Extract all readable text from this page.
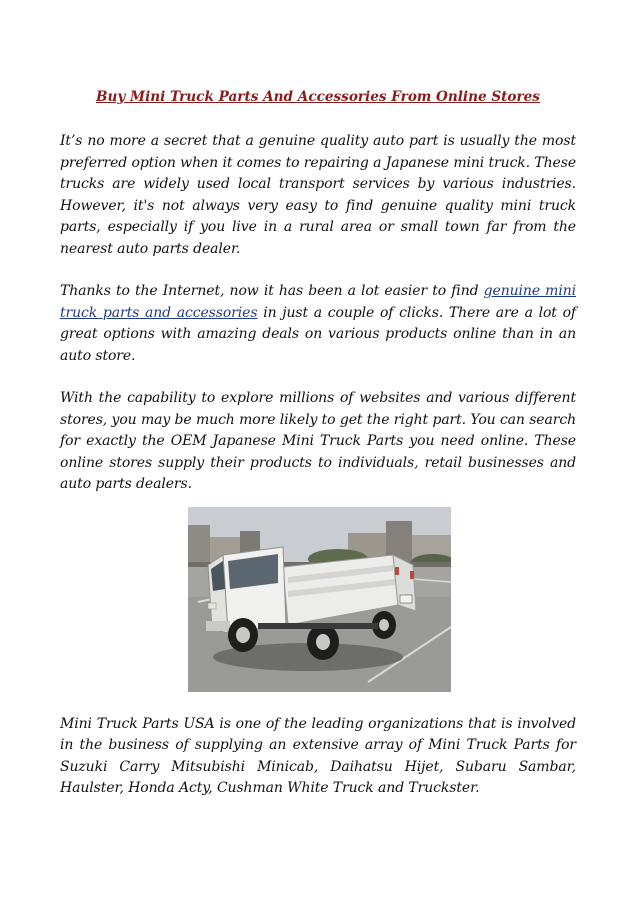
Buy Mini Truck Parts And Accessories From Online Stores

It’s no more a secret that a genuine quality auto part is usually the most preferred option when it comes to repairing a Japanese mini truck. These trucks are widely used local transport services by various industries. However, it's not always very easy to find genuine quality mini truck parts, especially if you live in a rural area or small town far from the nearest auto parts dealer.

Thanks to the Internet, now it has been a lot easier to find genuine mini truck parts and accessories in just a couple of clicks. There are a lot of great options with amazing deals on various products online than in an auto store.

With the capability to explore millions of websites and various different stores, you may be much more likely to get the right part. You can search for exactly the OEM Japanese Mini Truck Parts you need online. These online stores supply their products to individuals, retail businesses and auto parts dealers.

Mini Truck Parts USA is one of the leading organizations that is involved in the business of supplying an extensive array of Mini Truck Parts for Suzuki Carry Mitsubishi Minicab, Daihatsu Hijet, Subaru Sambar, Haulster, Honda Acty, Cushman White Truck and Truckster.
